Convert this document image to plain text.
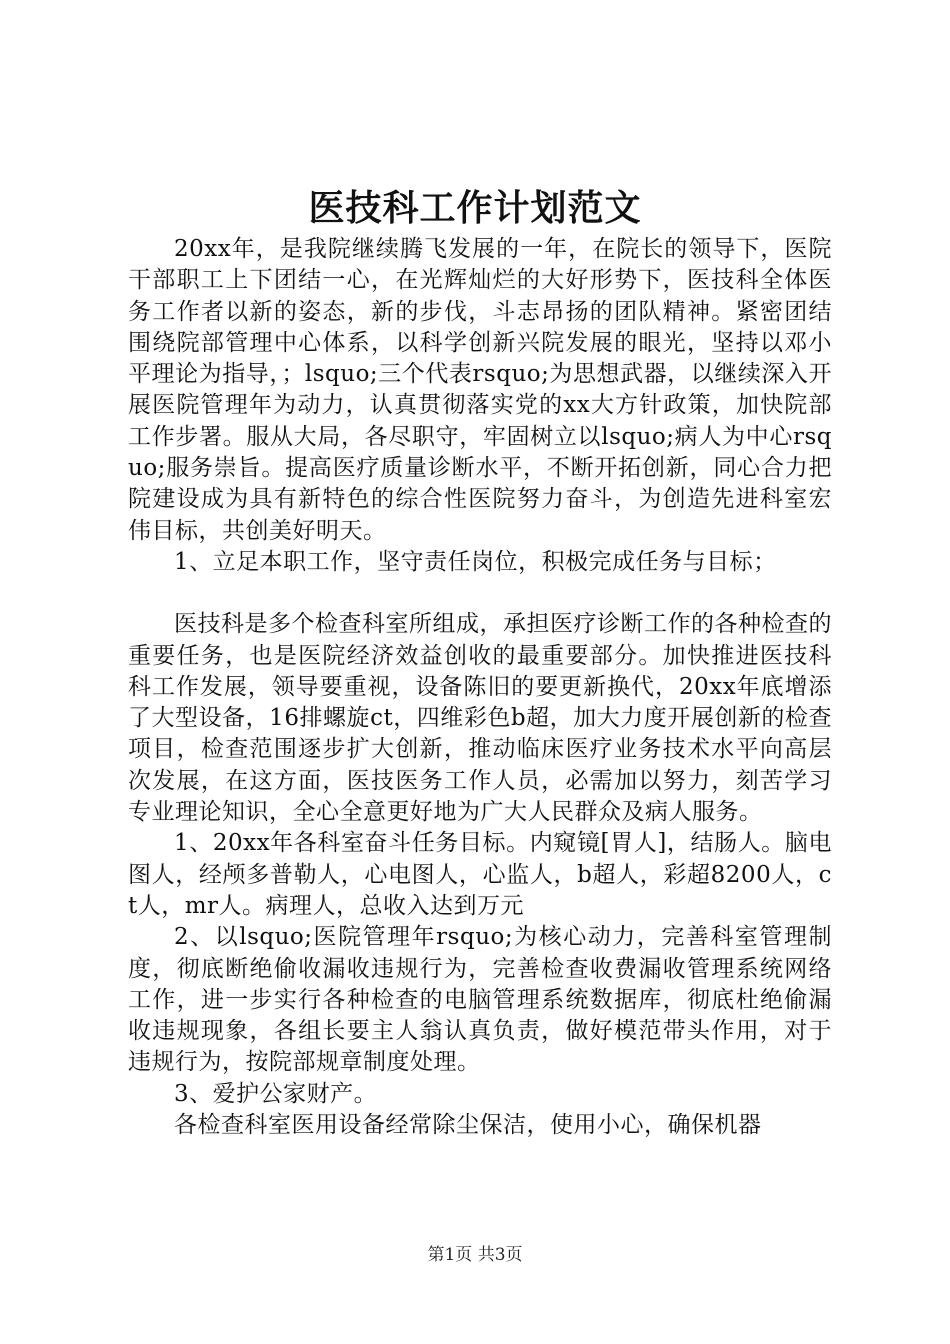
医技科工作计划范文

20xx年，是我院继续腾飞发展的一年，在院长的领导下，医院干部职工上下团结一心，在光辉灿烂的大好形势下，医技科全体医务工作者以新的姿态，新的步伐，斗志昂扬的团队精神。紧密团结围绕院部管理中心体系，以科学创新兴院发展的眼光，坚持以邓小平理论为指导，；lsquo;三个代表rsquo;为思想武器，以继续深入开展医院管理年为动力，认真贯彻落实党的xx大方针政策，加快院部工作步署。服从大局，各尽职守，牢固树立以lsquo;病人为中心rsquo;服务崇旨。提高医疗质量诊断水平，不断开拓创新，同心合力把院建设成为具有新特色的综合性医院努力奋斗，为创造先进科室宏伟目标，共创美好明天。

1、立足本职工作，坚守责任岗位，积极完成任务与目标；

医技科是多个检查科室所组成，承担医疗诊断工作的各种检查的重要任务，也是医院经济效益创收的最重要部分。加快推进医技科科工作发展，领导要重视，设备陈旧的要更新换代，20xx年底增添了大型设备，16排螺旋ct，四维彩色b超，加大力度开展创新的检查项目，检查范围逐步扩大创新，推动临床医疗业务技术水平向高层次发展，在这方面，医技医务工作人员，必需加以努力，刻苦学习专业理论知识，全心全意更好地为广大人民群众及病人服务。

1、20xx年各科室奋斗任务目标。内窥镜[胃人]，结肠人。脑电图人，经颅多普勒人，心电图人，心监人，b超人，彩超8200人，ct人，mr人。病理人，总收入达到万元

2、以lsquo;医院管理年rsquo;为核心动力，完善科室管理制度，彻底断绝偷收漏收违规行为，完善检查收费漏收管理系统网络工作，进一步实行各种检查的电脑管理系统数据库，彻底杜绝偷漏收违规现象，各组长要主人翁认真负责，做好模范带头作用，对于违规行为，按院部规章制度处理。

3、爱护公家财产。

各检查科室医用设备经常除尘保洁，使用小心，确保机器

第1页 共3页
